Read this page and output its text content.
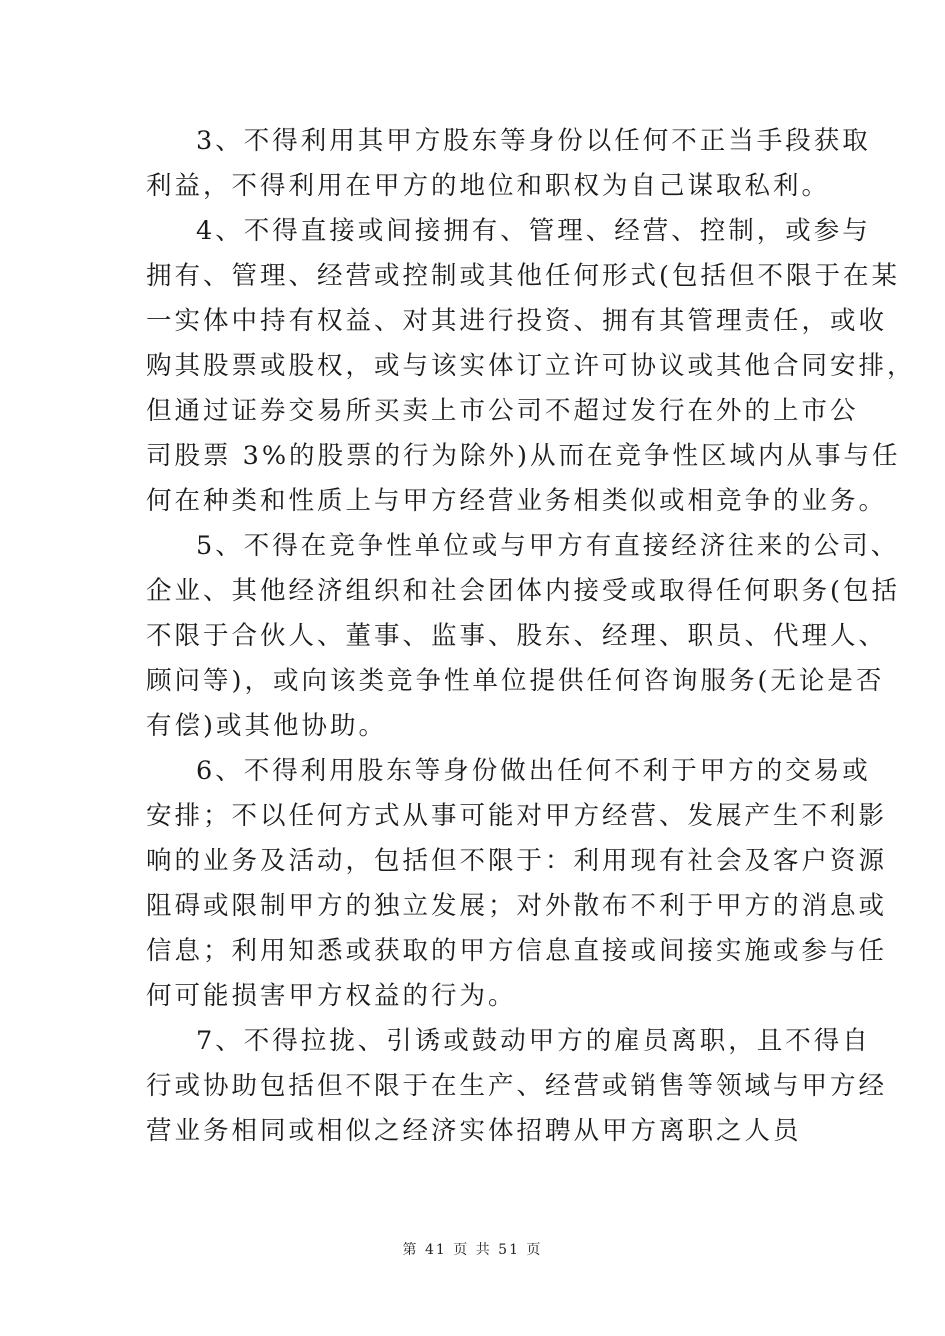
3、不得利用其甲方股东等身份以任何不正当手段获取
利益，不得利用在甲方的地位和职权为自己谋取私利。
4、不得直接或间接拥有、管理、经营、控制，或参与
拥有、管理、经营或控制或其他任何形式(包括但不限于在某
一实体中持有权益、对其进行投资、拥有其管理责任，或收
购其股票或股权，或与该实体订立许可协议或其他合同安排，
但通过证券交易所买卖上市公司不超过发行在外的上市公
司股票 3%的股票的行为除外)从而在竞争性区域内从事与任
何在种类和性质上与甲方经营业务相类似或相竞争的业务。
5、不得在竞争性单位或与甲方有直接经济往来的公司、
企业、其他经济组织和社会团体内接受或取得任何职务(包括
不限于合伙人、董事、监事、股东、经理、职员、代理人、
顾问等)，或向该类竞争性单位提供任何咨询服务(无论是否
有偿)或其他协助。
6、不得利用股东等身份做出任何不利于甲方的交易或
安排；不以任何方式从事可能对甲方经营、发展产生不利影
响的业务及活动，包括但不限于：利用现有社会及客户资源
阻碍或限制甲方的独立发展；对外散布不利于甲方的消息或
信息；利用知悉或获取的甲方信息直接或间接实施或参与任
何可能损害甲方权益的行为。
7、不得拉拢、引诱或鼓动甲方的雇员离职，且不得自
行或协助包括但不限于在生产、经营或销售等领域与甲方经
营业务相同或相似之经济实体招聘从甲方离职之人员
第 41 页 共 51 页
